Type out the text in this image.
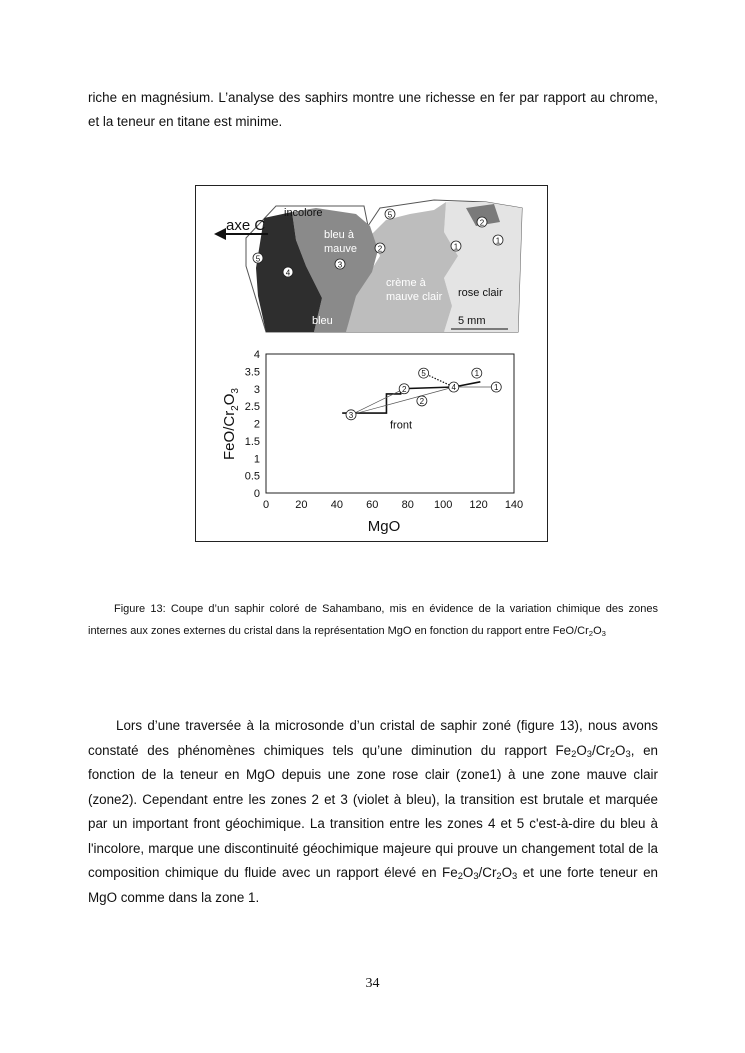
riche en magnésium. L’analyse des saphirs montre une richesse en fer par rapport au chrome,

et la teneur en titane est minime.

axe C
incolore
bleu à
mauve
crème à
mauve clair rose clair
bleu	5 mm
5
2	1
1
2
5
3
4
0
0.5
1
1.5
2
2.5
3
3.5
4
0 20 40 60 80 100 120 140
3
2
2
4
5	1
1
front
MgO
FeO/$Cr_2O_3$

Figure 13: Coupe d’un saphir coloré de Sahambano, mis en évidence de la variation chimique des zones internes aux zones externes du cristal dans la représentation MgO en fonction du rapport entre FeO/$Cr_2O_3$

Lors d’une traversée à la microsonde d’un cristal de saphir zoné (figure 13), nous avons constaté des phénomènes chimiques tels qu’une diminution du rapport $Fe_2O_3/Cr_2O_3$, en fonction de la teneur en MgO depuis une zone rose clair (zone1) à une zone mauve clair (zone2). Cependant entre les zones 2 et 3 (violet à bleu), la transition est brutale et marquée par un important front géochimique. La transition entre les zones 4 et 5 c'est-à-dire du bleu à l'incolore, marque une discontinuité géochimique majeure qui prouve un changement total de la composition chimique du fluide avec un rapport élevé en $Fe_2O_3/Cr_2O_3$ et une forte teneur en MgO comme dans la zone 1.

34
